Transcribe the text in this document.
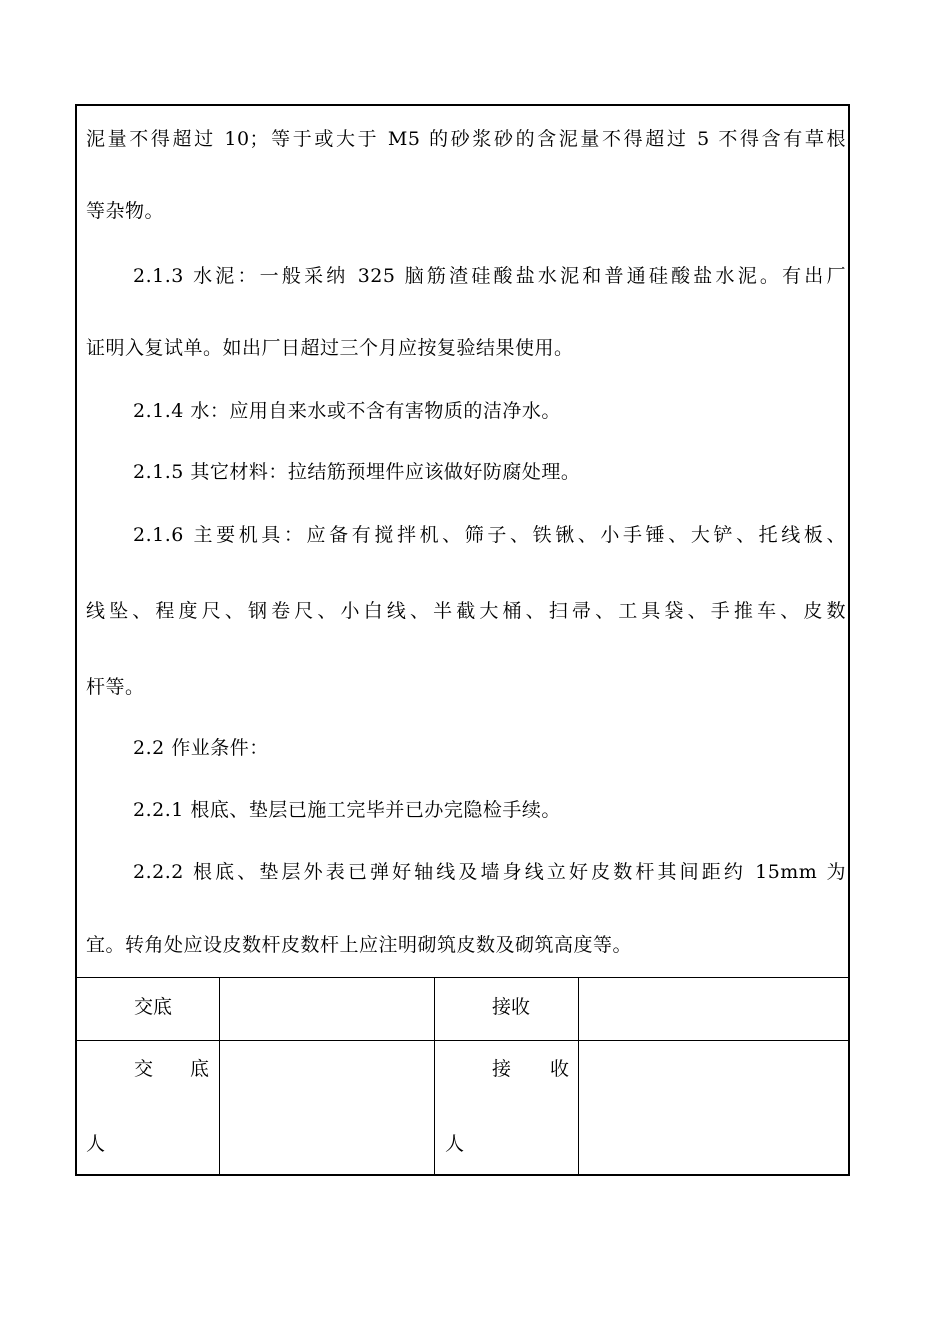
泥量不得超过 10；等于或大于 M5 的砂浆砂的含泥量不得超过 5 不得含有草根
等杂物。
2.1.3 水泥：一般采纳 325 脑筋渣硅酸盐水泥和普通硅酸盐水泥。有出厂
证明入复试单。如出厂日超过三个月应按复验结果使用。
2.1.4 水：应用自来水或不含有害物质的洁净水。
2.1.5 其它材料：拉结筋预埋件应该做好防腐处理。
2.1.6 主要机具：应备有搅拌机、筛子、铁锹、小手锤、大铲、托线板、
线坠、程度尺、钢卷尺、小白线、半截大桶、扫帚、工具袋、手推车、皮数
杆等。
2.2 作业条件：
2.2.1 根底、垫层已施工完毕并已办完隐检手续。
2.2.2 根底、垫层外表已弹好轴线及墙身线立好皮数杆其间距约 15mm 为
宜。转角处应设皮数杆皮数杆上应注明砌筑皮数及砌筑高度等。
交底	接收
交 底
人
接 收
人
